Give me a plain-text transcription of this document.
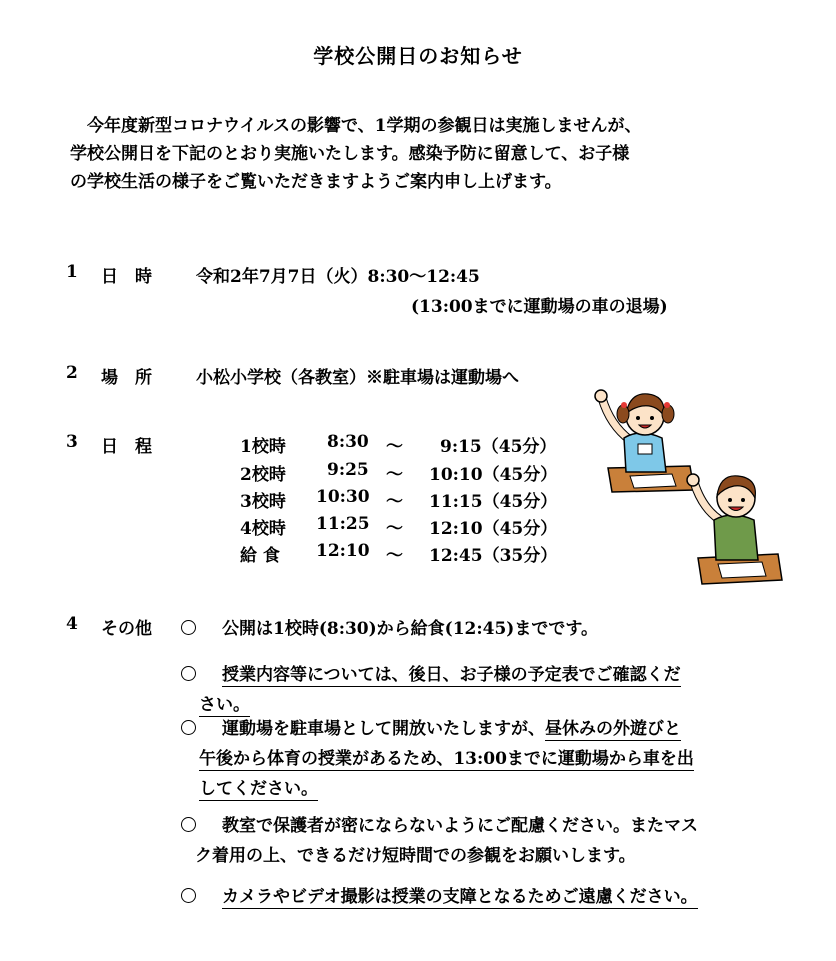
学校公開日のお知らせ
今年度新型コロナウイルスの影響で、1学期の参観日は実施しませんが、
学校公開日を下記のとおり実施いたします。感染予防に留意して、お子様
の学校生活の様子をご覧いただきますようご案内申し上げます。
1 日　時	令和2年7月7日（火）8:30～12:45
(13:00までに運動場の車の退場)
2 場　所	小松小学校（各教室）※駐車場は運動場へ
3 日　程	1校時 8:30 ～ 9:15（45分）
2校時 9:25 ～ 10:10（45分）
3校時 10:30 ～ 11:15（45分）
4校時 11:25 ～ 12:10（45分）
給 食 12:10 ～ 12:45（35分）
4 その他	公開は1校時(8:30)から給食(12:45)までです。
授業内容等については、後日、お子様の予定表でご確認くだ
さい。
運動場を駐車場として開放いたしますが、昼休みの外遊びと
午後から体育の授業があるため、13:00までに運動場から車を出
してください。
教室で保護者が密にならないようにご配慮ください。またマス
ク着用の上、できるだけ短時間での参観をお願いします。
カメラやビデオ撮影は授業の支障となるためご遠慮ください。
